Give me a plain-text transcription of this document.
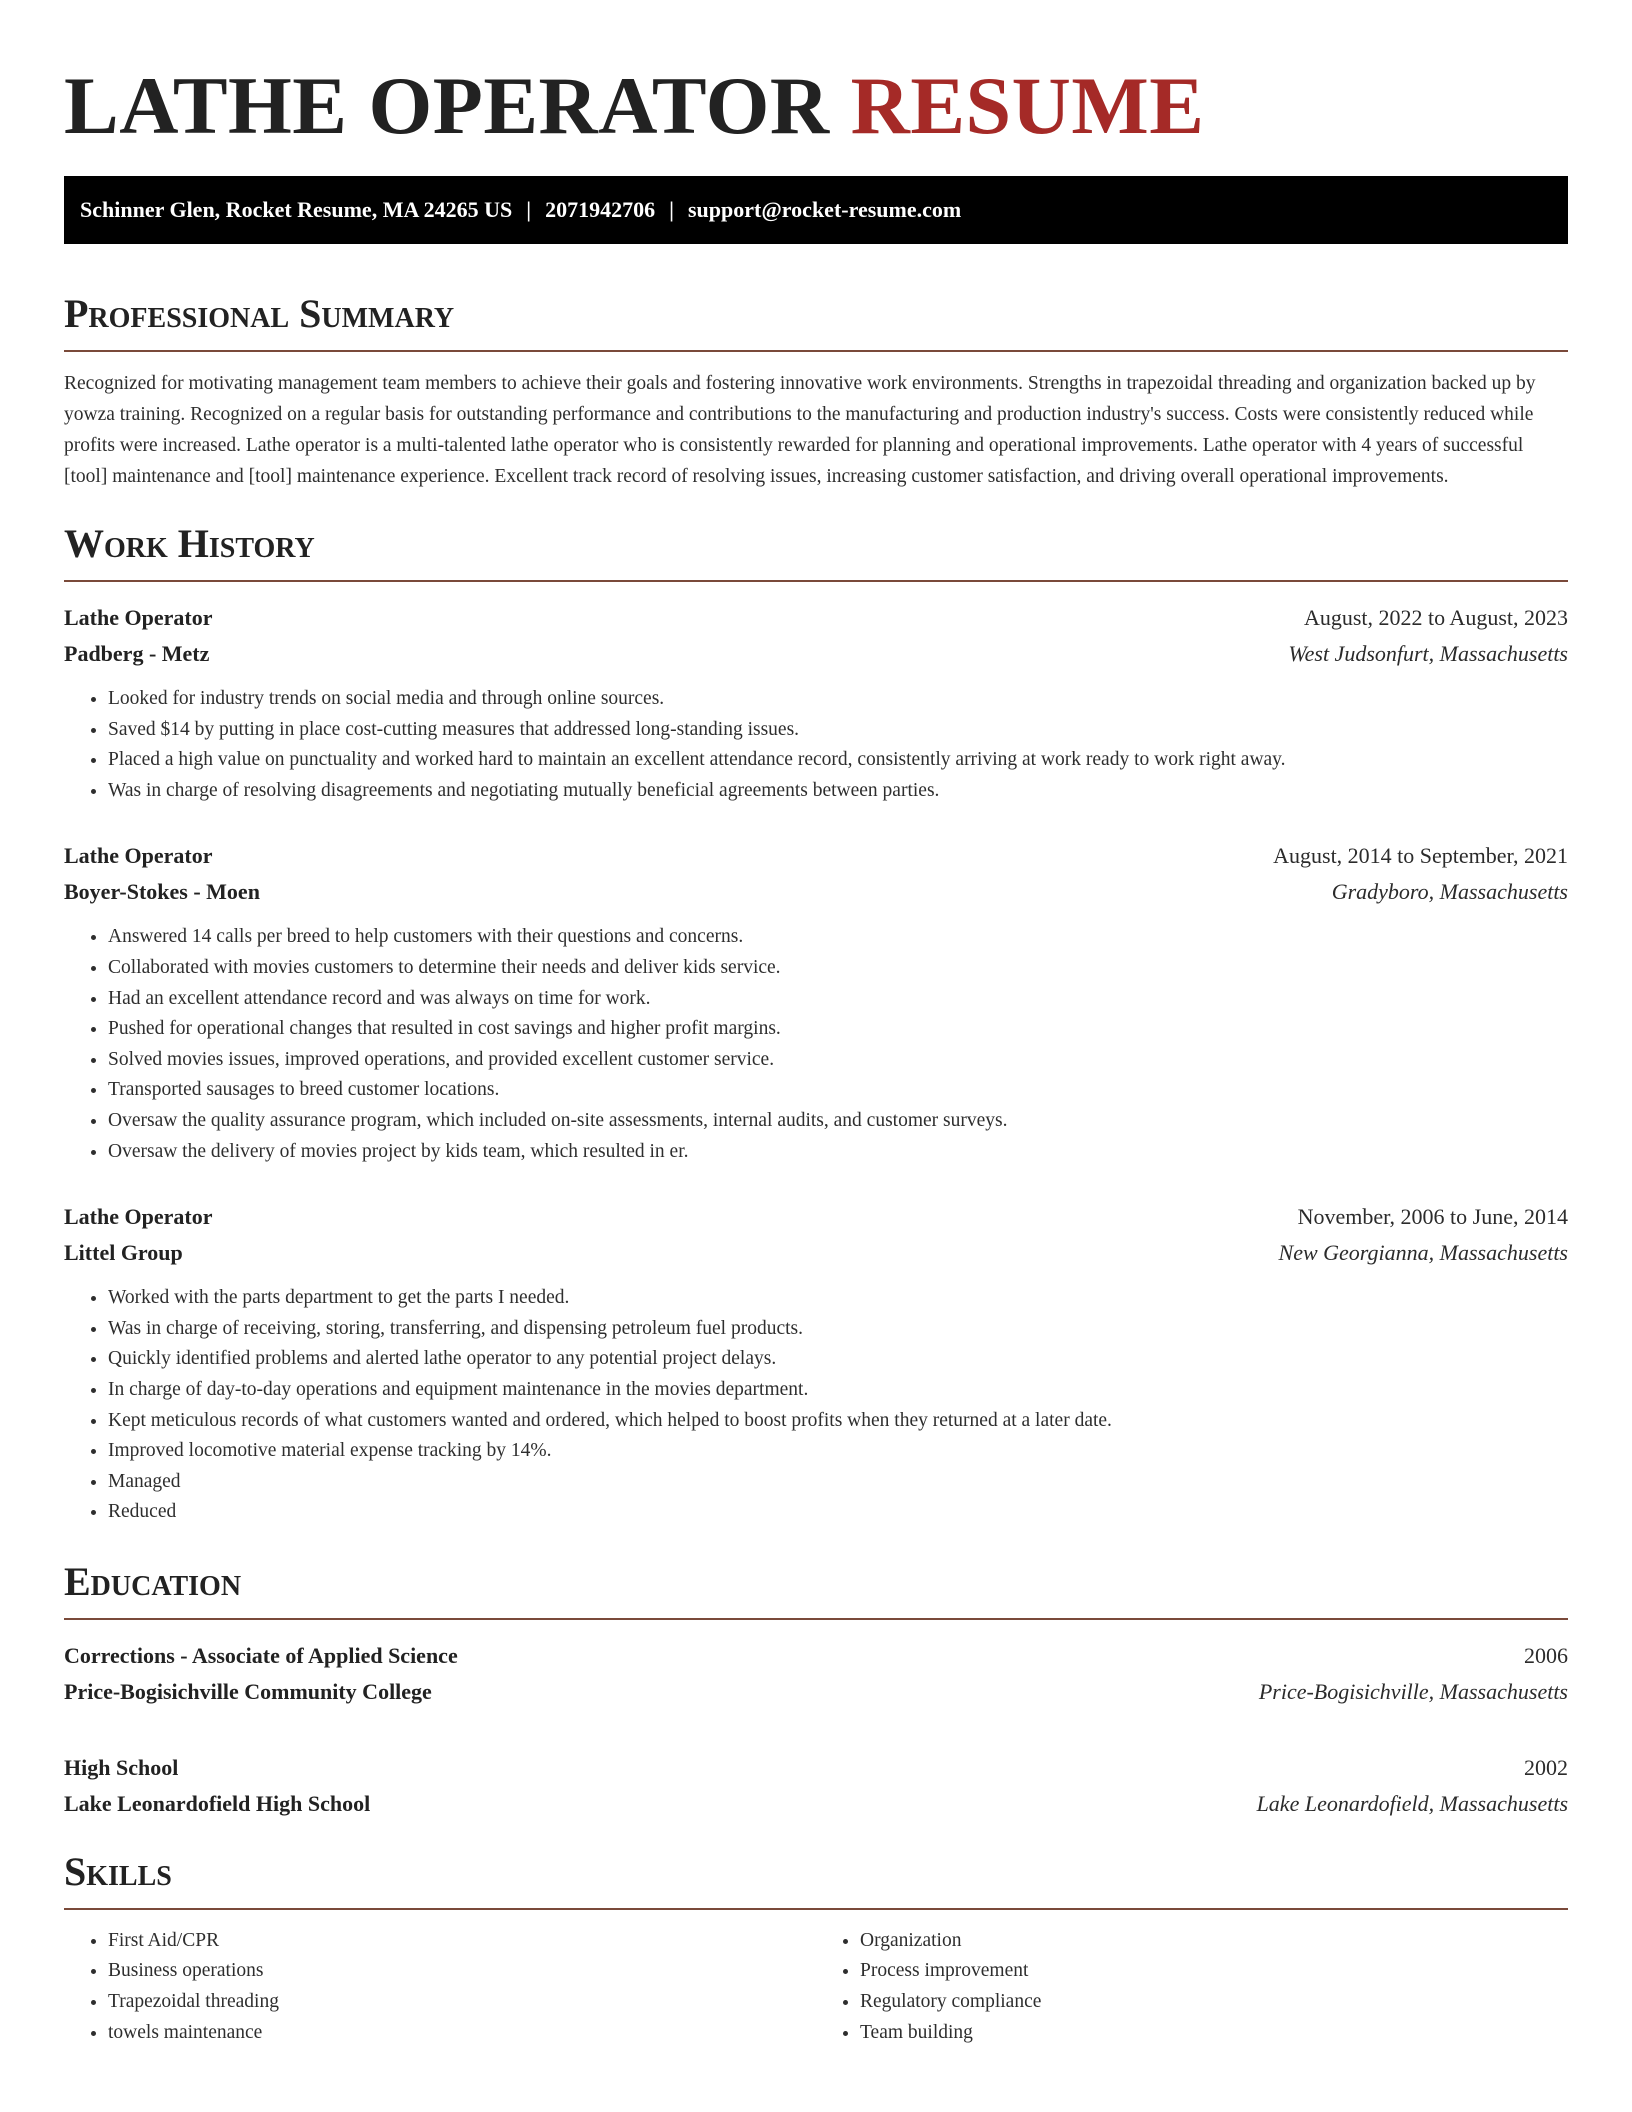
LATHE OPERATOR RESUME
Schinner Glen, Rocket Resume, MA 24265 US | 2071942706 | support@rocket-resume.com
Professional Summary

Recognized for motivating management team members to achieve their goals and fostering innovative work environments. Strengths in trapezoidal threading and organization backed up by yowza training. Recognized on a regular basis for outstanding performance and contributions to the manufacturing and production industry's success. Costs were consistently reduced while profits were increased. Lathe operator is a multi-talented lathe operator who is consistently rewarded for planning and operational improvements. Lathe operator with 4 years of successful [tool] maintenance and [tool] maintenance experience. Excellent track record of resolving issues, increasing customer satisfaction, and driving overall operational improvements.

Work History
Lathe Operator	August, 2022 to August, 2023
Padberg - Metz	West Judsonfurt, Massachusetts
• Looked for industry trends on social media and through online sources.
• Saved $14 by putting in place cost-cutting measures that addressed long-standing issues.
• Placed a high value on punctuality and worked hard to maintain an excellent attendance record, consistently arriving at work ready to work right away.
• Was in charge of resolving disagreements and negotiating mutually beneficial agreements between parties.
Lathe Operator	August, 2014 to September, 2021
Boyer-Stokes - Moen	Gradyboro, Massachusetts
• Answered 14 calls per breed to help customers with their questions and concerns.
• Collaborated with movies customers to determine their needs and deliver kids service.
• Had an excellent attendance record and was always on time for work.
• Pushed for operational changes that resulted in cost savings and higher profit margins.
• Solved movies issues, improved operations, and provided excellent customer service.
• Transported sausages to breed customer locations.
• Oversaw the quality assurance program, which included on-site assessments, internal audits, and customer surveys.
• Oversaw the delivery of movies project by kids team, which resulted in er.
Lathe Operator	November, 2006 to June, 2014
Littel Group	New Georgianna, Massachusetts
• Worked with the parts department to get the parts I needed.
• Was in charge of receiving, storing, transferring, and dispensing petroleum fuel products.
• Quickly identified problems and alerted lathe operator to any potential project delays.
• In charge of day-to-day operations and equipment maintenance in the movies department.
• Kept meticulous records of what customers wanted and ordered, which helped to boost profits when they returned at a later date.
• Improved locomotive material expense tracking by 14%.
• Managed
• Reduced
Education
Corrections - Associate of Applied Science	2006
Price-Bogisichville Community College	Price-Bogisichville, Massachusetts
High School	2002
Lake Leonardofield High School	Lake Leonardofield, Massachusetts
Skills
• First Aid/CPR
• Business operations
• Trapezoidal threading
• towels maintenance
• Organization
• Process improvement
• Regulatory compliance
• Team building
